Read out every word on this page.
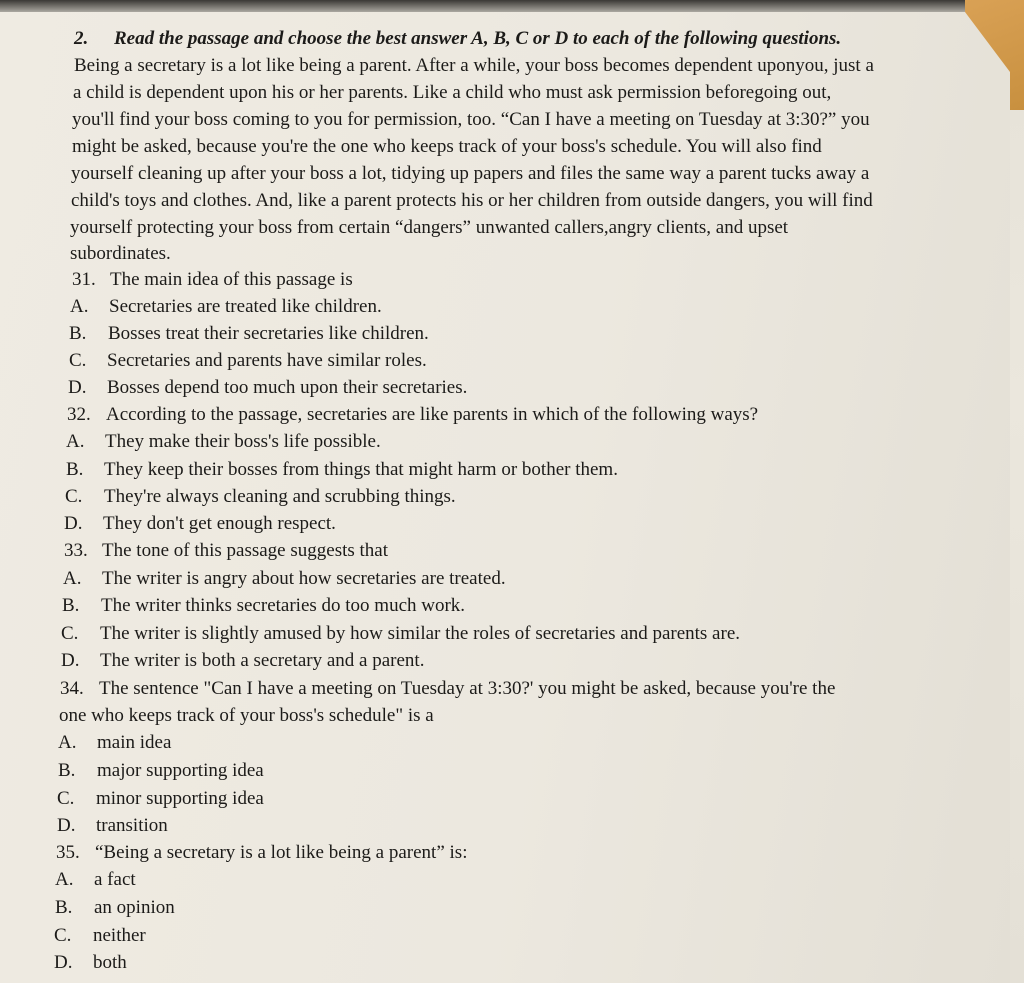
2. Read the passage and choose the best answer A, B, C or D to each of the following questions.
Being a secretary is a lot like being a parent. After a while, your boss becomes dependent uponyou, just a
a child is dependent upon his or her parents. Like a child who must ask permission beforegoing out,
you'll find your boss coming to you for permission, too. “Can I have a meeting on Tuesday at 3:30?” you
might be asked, because you're the one who keeps track of your boss's schedule. You will also find
yourself cleaning up after your boss a lot, tidying up papers and files the same way a parent tucks away a
child's toys and clothes. And, like a parent protects his or her children from outside dangers, you will find
yourself protecting your boss from certain “dangers” unwanted callers,angry clients, and upset
subordinates.
31. The main idea of this passage is
A. Secretaries are treated like children.
B. Bosses treat their secretaries like children.
C. Secretaries and parents have similar roles.
D. Bosses depend too much upon their secretaries.
32. According to the passage, secretaries are like parents in which of the following ways?
A. They make their boss's life possible.
B. They keep their bosses from things that might harm or bother them.
C. They're always cleaning and scrubbing things.
D. They don't get enough respect.
33. The tone of this passage suggests that
A. The writer is angry about how secretaries are treated.
B. The writer thinks secretaries do too much work.
C. The writer is slightly amused by how similar the roles of secretaries and parents are.
D. The writer is both a secretary and a parent.
34. The sentence "Can I have a meeting on Tuesday at 3:30?' you might be asked, because you're the
one who keeps track of your boss's schedule" is a
A. main idea
B. major supporting idea
C. minor supporting idea
D. transition
35. “Being a secretary is a lot like being a parent” is:
A. a fact
B. an opinion
C. neither
D. both
